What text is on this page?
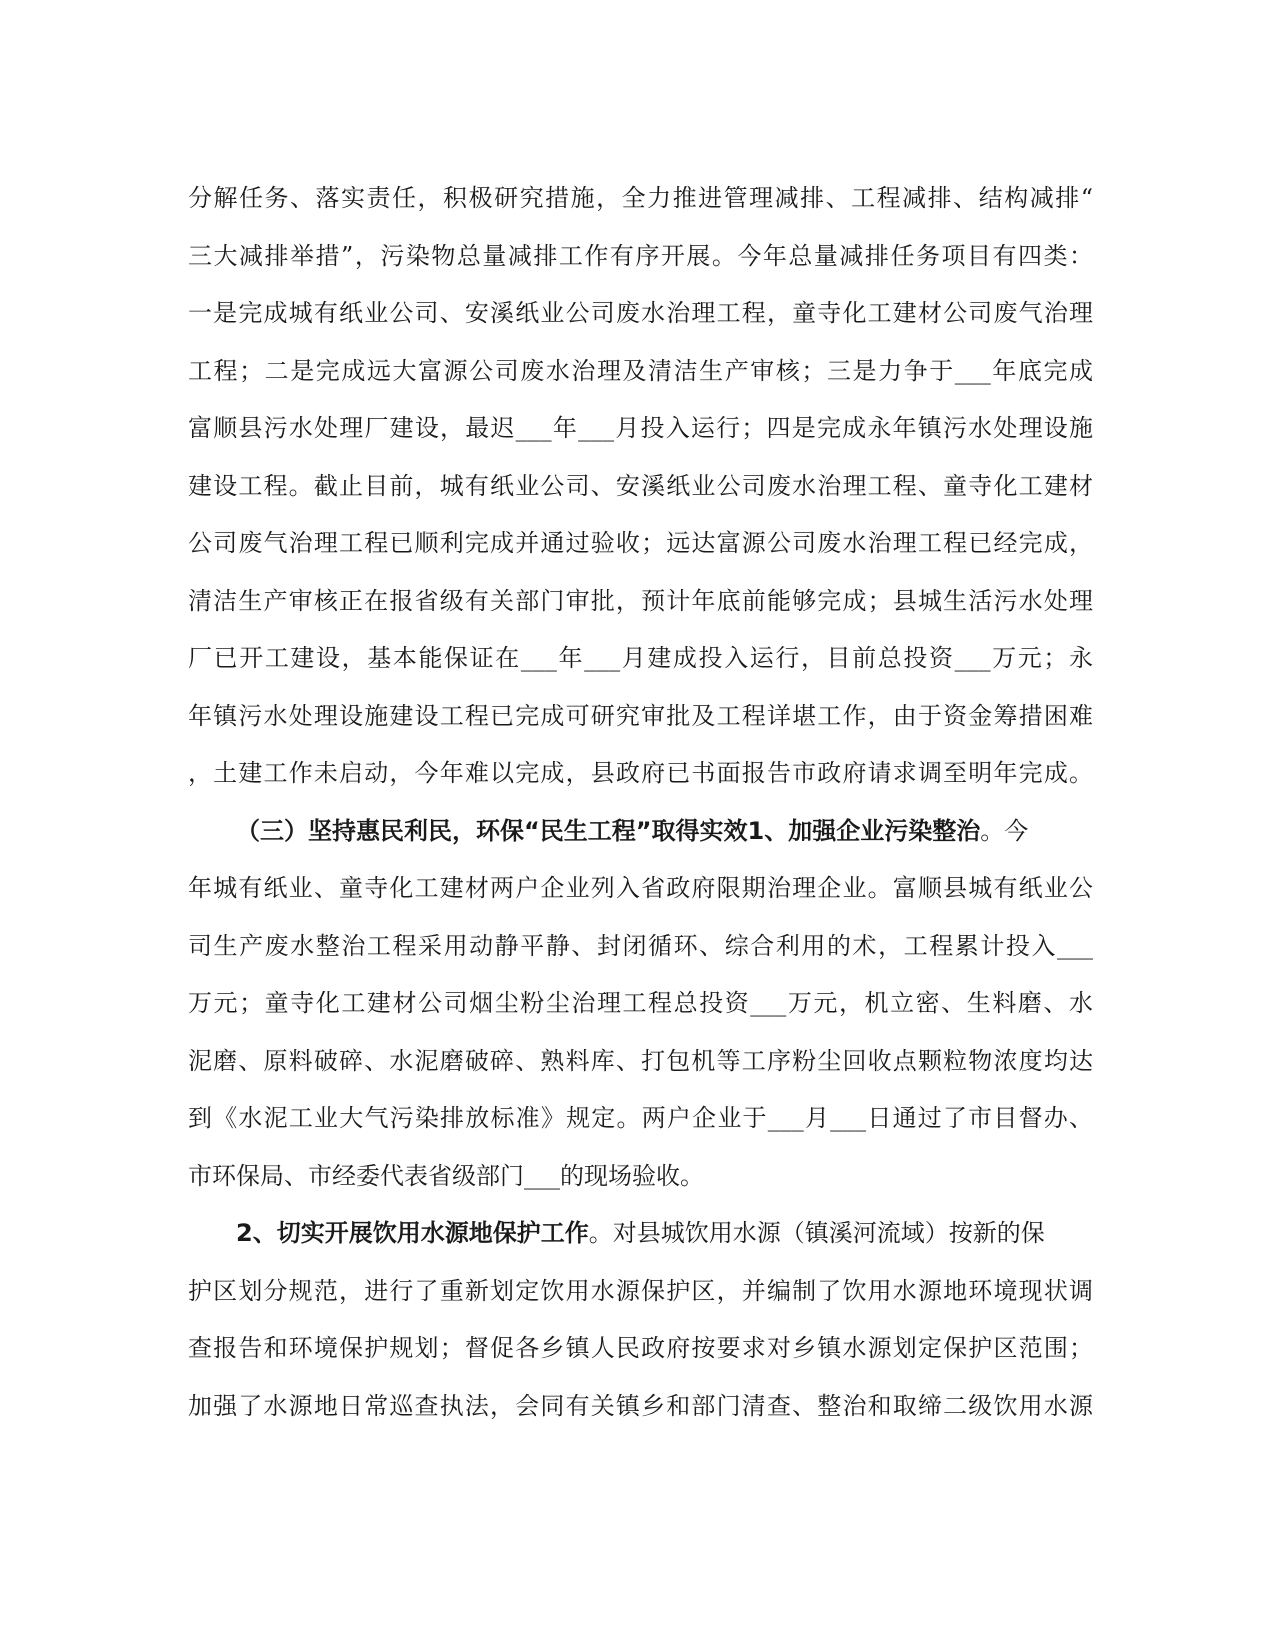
分解任务、落实责任，积极研究措施，全力推进管理减排、工程减排、结构减排“
三大减排举措”，污染物总量减排工作有序开展。今年总量减排任务项目有四类：
一是完成城有纸业公司、安溪纸业公司废水治理工程，童寺化工建材公司废气治理
工程；二是完成远大富源公司废水治理及清洁生产审核；三是力争于___年底完成
富顺县污水处理厂建设，最迟___年___月投入运行；四是完成永年镇污水处理设施
建设工程。截止目前，城有纸业公司、安溪纸业公司废水治理工程、童寺化工建材
公司废气治理工程已顺利完成并通过验收；远达富源公司废水治理工程已经完成，
清洁生产审核正在报省级有关部门审批，预计年底前能够完成；县城生活污水处理
厂已开工建设，基本能保证在___年___月建成投入运行，目前总投资___万元；永
年镇污水处理设施建设工程已完成可研究审批及工程详堪工作，由于资金筹措困难
，土建工作未启动，今年难以完成，县政府已书面报告市政府请求调至明年完成。
（三）坚持惠民利民，环保“民生工程”取得实效1、加强企业污染整治。今
年城有纸业、童寺化工建材两户企业列入省政府限期治理企业。富顺县城有纸业公
司生产废水整治工程采用动静平静、封闭循环、综合利用的术，工程累计投入___
万元；童寺化工建材公司烟尘粉尘治理工程总投资___万元，机立密、生料磨、水
泥磨、原料破碎、水泥磨破碎、熟料库、打包机等工序粉尘回收点颗粒物浓度均达
到《水泥工业大气污染排放标准》规定。两户企业于___月___日通过了市目督办、
市环保局、市经委代表省级部门___的现场验收。
2、切实开展饮用水源地保护工作。对县城饮用水源（镇溪河流域）按新的保
护区划分规范，进行了重新划定饮用水源保护区，并编制了饮用水源地环境现状调
查报告和环境保护规划；督促各乡镇人民政府按要求对乡镇水源划定保护区范围；
加强了水源地日常巡查执法，会同有关镇乡和部门清查、整治和取缔二级饮用水源
